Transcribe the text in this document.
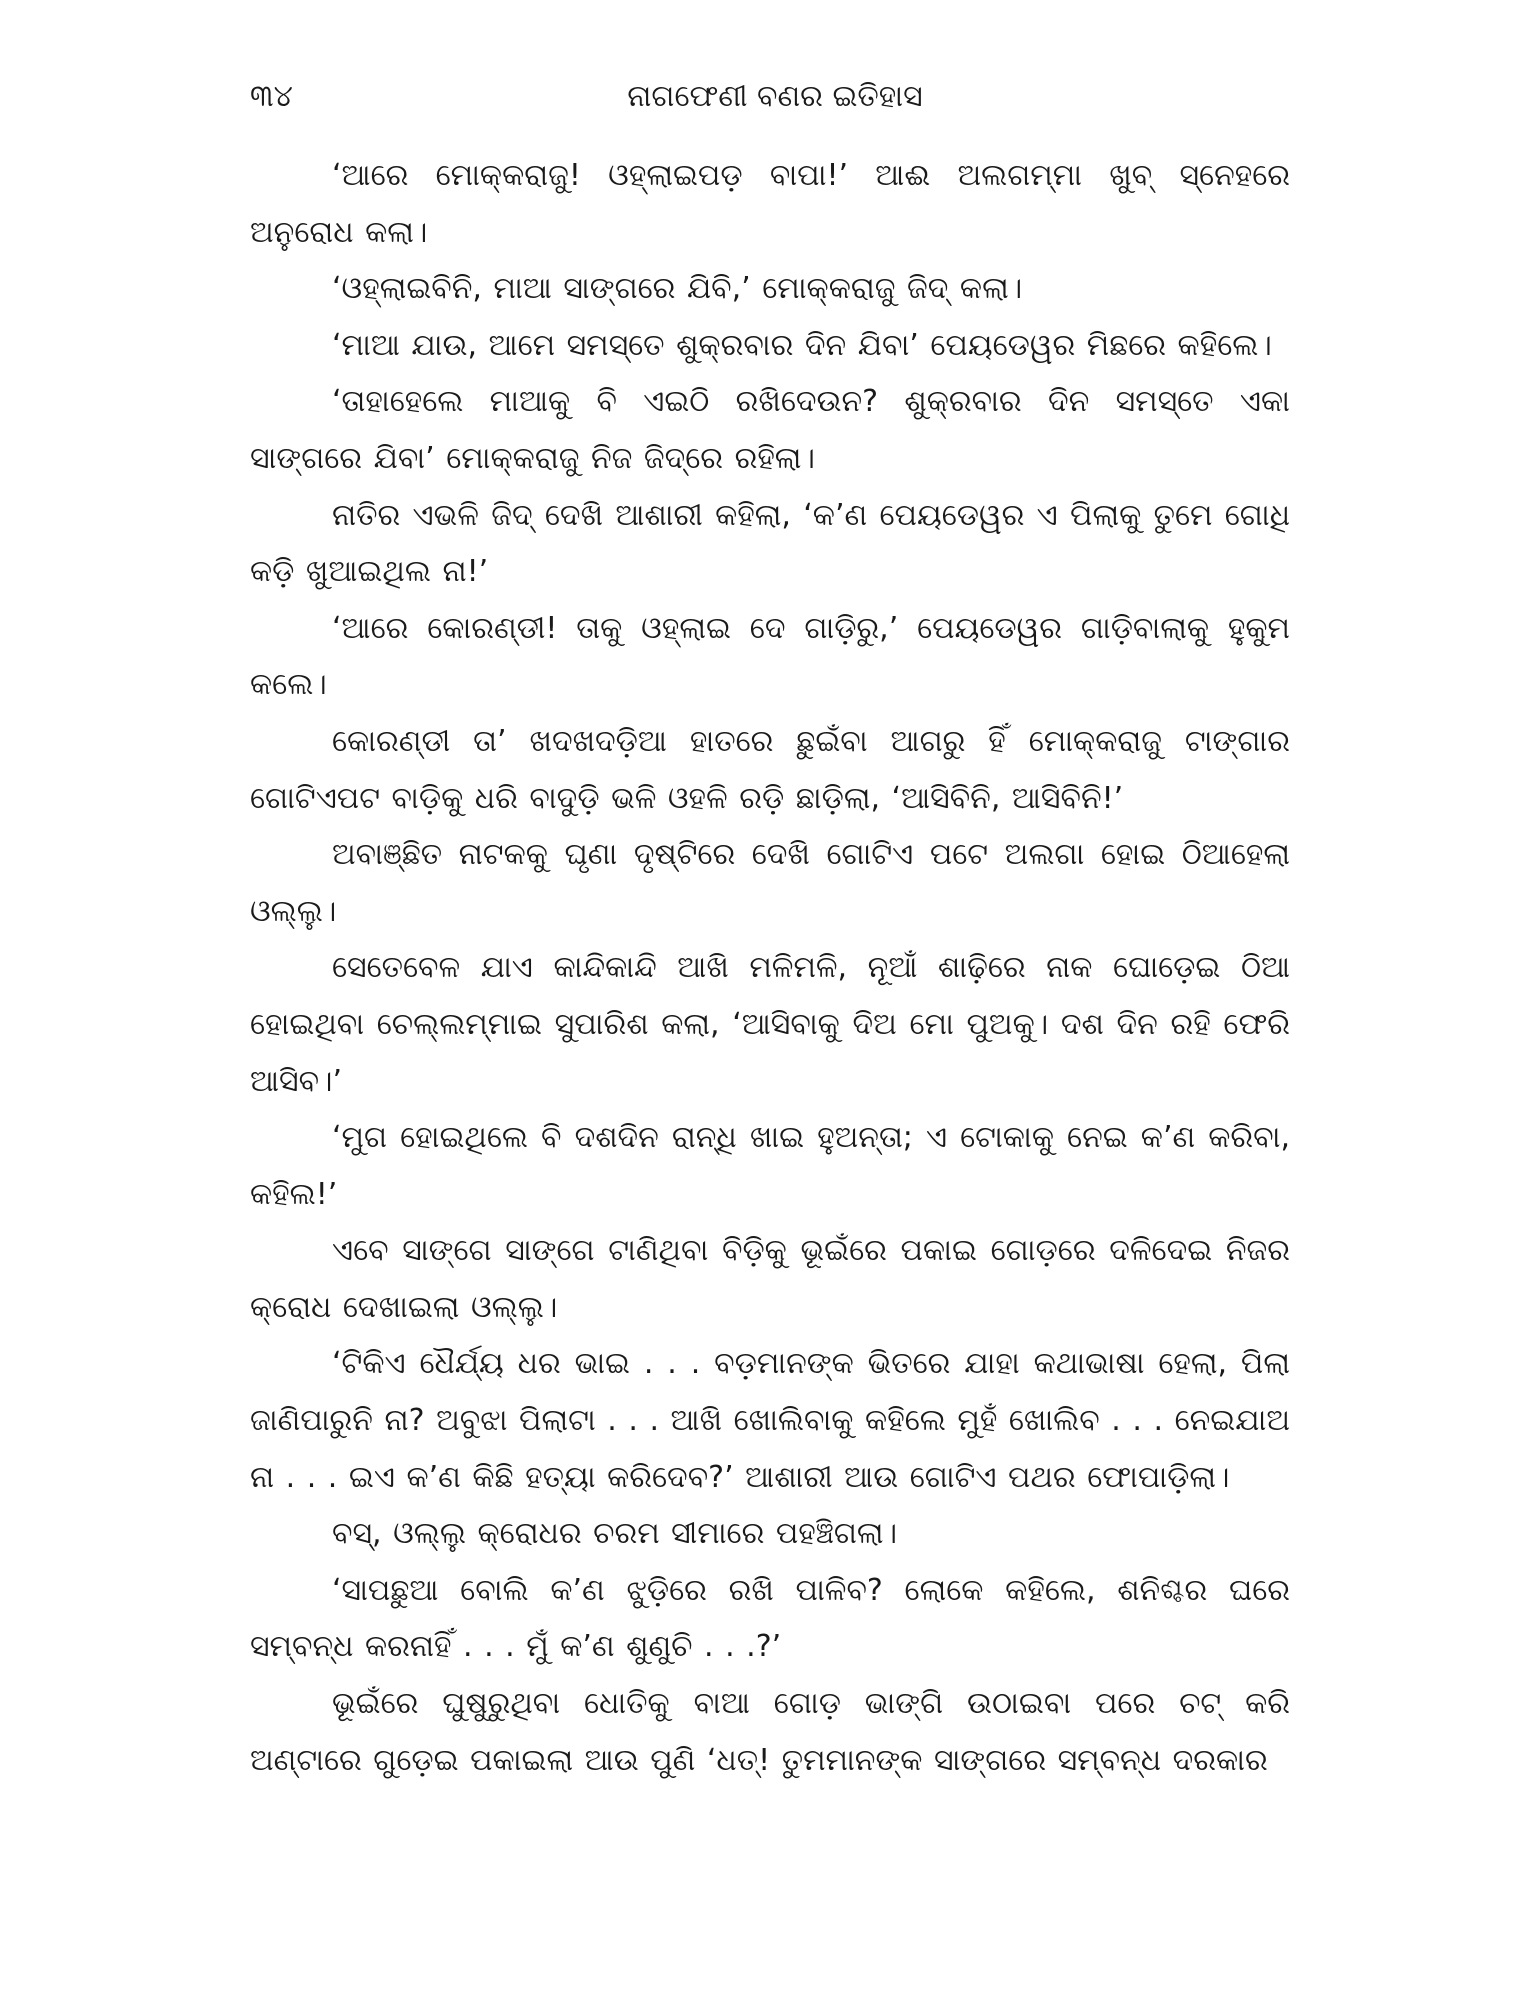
୩୪	ନାଗଫେଣୀ ବଣର ଇତିହାସ

‘ଆରେ ମୋକ୍କରାଜୁ! ଓହ୍ଲାଇପଡ଼ ବାପା!’ ଆଈ ଅଲଗମ୍ମା ଖୁବ୍ ସ୍ନେହରେ ଅନୁରୋଧ କଲା।

‘ଓହ୍ଲାଇବିନି, ମାଆ ସାଙ୍ଗରେ ଯିବି,’ ମୋକ୍କରାଜୁ ଜିଦ୍ କଲା।

‘ମାଆ ଯାଉ, ଆମେ ସମସ୍ତେ ଶୁକ୍ରବାର ଦିନ ଯିବା’ ପେୟଡେୱର ମିଛରେ କହିଲେ।

‘ତାହାହେଲେ ମାଆକୁ ବି ଏଇଠି ରଖିଦେଉନ? ଶୁକ୍ରବାର ଦିନ ସମସ୍ତେ ଏକା ସାଙ୍ଗରେ ଯିବା’ ମୋକ୍କରାଜୁ ନିଜ ଜିଦ୍‌ରେ ରହିଲା।

ନାତିର ଏଭଳି ଜିଦ୍ ଦେଖି ଆଶାରୀ କହିଲା, ‘କ’ଣ ପେୟଡେୱର ଏ ପିଲାକୁ ତୁମେ ଗୋଧି କଡ଼ି ଖୁଆଇଥିଲ ନା!’

‘ଆରେ କୋରଣ୍ଡୀ! ତାକୁ ଓହ୍ଲାଇ ଦେ ଗାଡ଼ିରୁ,’ ପେୟଡେୱର ଗାଡ଼ିବାଲାକୁ ହୁକୁମ କଲେ।

କୋରଣ୍ଡୀ ତା’ ଖଦଖଦଡ଼ିଆ ହାତରେ ଛୁଇଁବା ଆଗରୁ ହିଁ ମୋକ୍କରାଜୁ ଟାଙ୍ଗାର ଗୋଟିଏପଟ ବାଡ଼ିକୁ ଧରି ବାଦୁଡ଼ି ଭଳି ଓହଳି ରଡ଼ି ଛାଡ଼ିଲା, ‘ଆସିବିନି, ଆସିବିନି!’

ଅବାଞ୍ଛିତ ନାଟକକୁ ଘୃଣା ଦୃଷ୍ଟିରେ ଦେଖି ଗୋଟିଏ ପଟେ ଅଲଗା ହୋଇ ଠିଆହେଲା ଓଲ୍ଲୁ।

ସେତେବେଳ ଯାଏ କାନ୍ଦିକାନ୍ଦି ଆଖି ମଳିମଳି, ନୂଆଁ ଶାଢ଼ିରେ ନାକ ଘୋଡ଼େଇ ଠିଆ ହୋଇଥିବା ଚେଲ୍ଲମ୍ମାଇ ସୁପାରିଶ କଲା, ‘ଆସିବାକୁ ଦିଅ ମୋ ପୁଅକୁ। ଦଶ ଦିନ ରହି ଫେରି ଆସିବ।’

‘ମୁଗ ହୋଇଥିଲେ ବି ଦଶଦିନ ରାନ୍ଧି ଖାଇ ହୁଅନ୍ତା; ଏ ଟୋକାକୁ ନେଇ କ’ଣ କରିବା, କହିଲ!’

ଏବେ ସାଙ୍ଗେ ସାଙ୍ଗେ ଟାଣିଥିବା ବିଡ଼ିକୁ ଭୂଇଁରେ ପକାଇ ଗୋଡ଼ରେ ଦଳିଦେଇ ନିଜର କ୍ରୋଧ ଦେଖାଇଲା ଓଲ୍ଲୁ।

‘ଟିକିଏ ଧୈର୍ଯ୍ୟ ଧର ଭାଇ . . . ବଡ଼ମାନଙ୍କ ଭିତରେ ଯାହା କଥାଭାଷା ହେଲା, ପିଲା ଜାଣିପାରୁନି ନା? ଅବୁଝା ପିଲାଟା . . . ଆଖି ଖୋଲିବାକୁ କହିଲେ ମୁହଁ ଖୋଲିବ . . . ନେଇଯାଅ ନା . . . ଇଏ କ’ଣ କିଛି ହତ୍ୟା କରିଦେବ?’ ଆଶାରୀ ଆଉ ଗୋଟିଏ ପଥର ଫୋପାଡ଼ିଲା।

ବସ୍, ଓଲ୍ଲୁ କ୍ରୋଧର ଚରମ ସୀମାରେ ପହଞ୍ଚିଗଲା।

‘ସାପଛୁଆ ବୋଲି କ’ଣ ଝୁଡ଼ିରେ ରଖି ପାଳିବ? ଲୋକେ କହିଲେ, ଶନିଶ୍ଚର ଘରେ ସମ୍ବନ୍ଧ କରନାହିଁ . . . ମୁଁ କ’ଣ ଶୁଣୁଚି . . .?’

ଭୂଇଁରେ ଘୁଷୁରୁଥିବା ଧୋତିକୁ ବାଆ ଗୋଡ଼ ଭାଙ୍ଗି ଉଠାଇବା ପରେ ଚଟ୍ କରି ଅଣ୍ଟାରେ ଗୁଡ଼େଇ ପକାଇଲା ଆଉ ପୁଣି ‘ଧତ୍! ତୁମମାନଙ୍କ ସାଙ୍ଗରେ ସମ୍ବନ୍ଧ ଦରକାର
